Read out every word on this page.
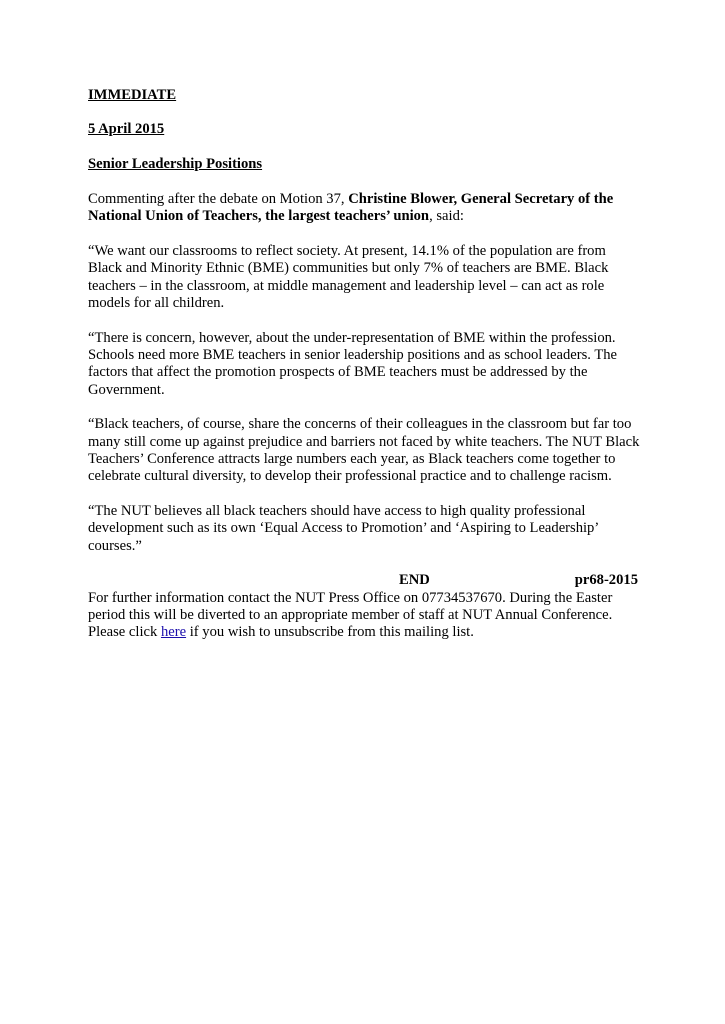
IMMEDIATE

5 April 2015

Senior Leadership Positions

Commenting after the debate on Motion 37, Christine Blower, General Secretary of the National Union of Teachers, the largest teachers’ union, said:

“We want our classrooms to reflect society. At present, 14.1% of the population are from Black and Minority Ethnic (BME) communities but only 7% of teachers are BME. Black teachers – in the classroom, at middle management and leadership level – can act as role models for all children.

“There is concern, however, about the under-representation of BME within the profession. Schools need more BME teachers in senior leadership positions and as school leaders. The factors that affect the promotion prospects of BME teachers must be addressed by the Government.

“Black teachers, of course, share the concerns of their colleagues in the classroom but far too many still come up against prejudice and barriers not faced by white teachers. The NUT Black Teachers’ Conference attracts large numbers each year, as Black teachers come together to celebrate cultural diversity, to develop their professional practice and to challenge racism.

“The NUT believes all black teachers should have access to high quality professional development such as its own ‘Equal Access to Promotion’ and ‘Aspiring to Leadership’ courses.”

END	pr68-2015

For further information contact the NUT Press Office on 07734537670. During the Easter period this will be diverted to an appropriate member of staff at NUT Annual Conference.

Please click here if you wish to unsubscribe from this mailing list.
